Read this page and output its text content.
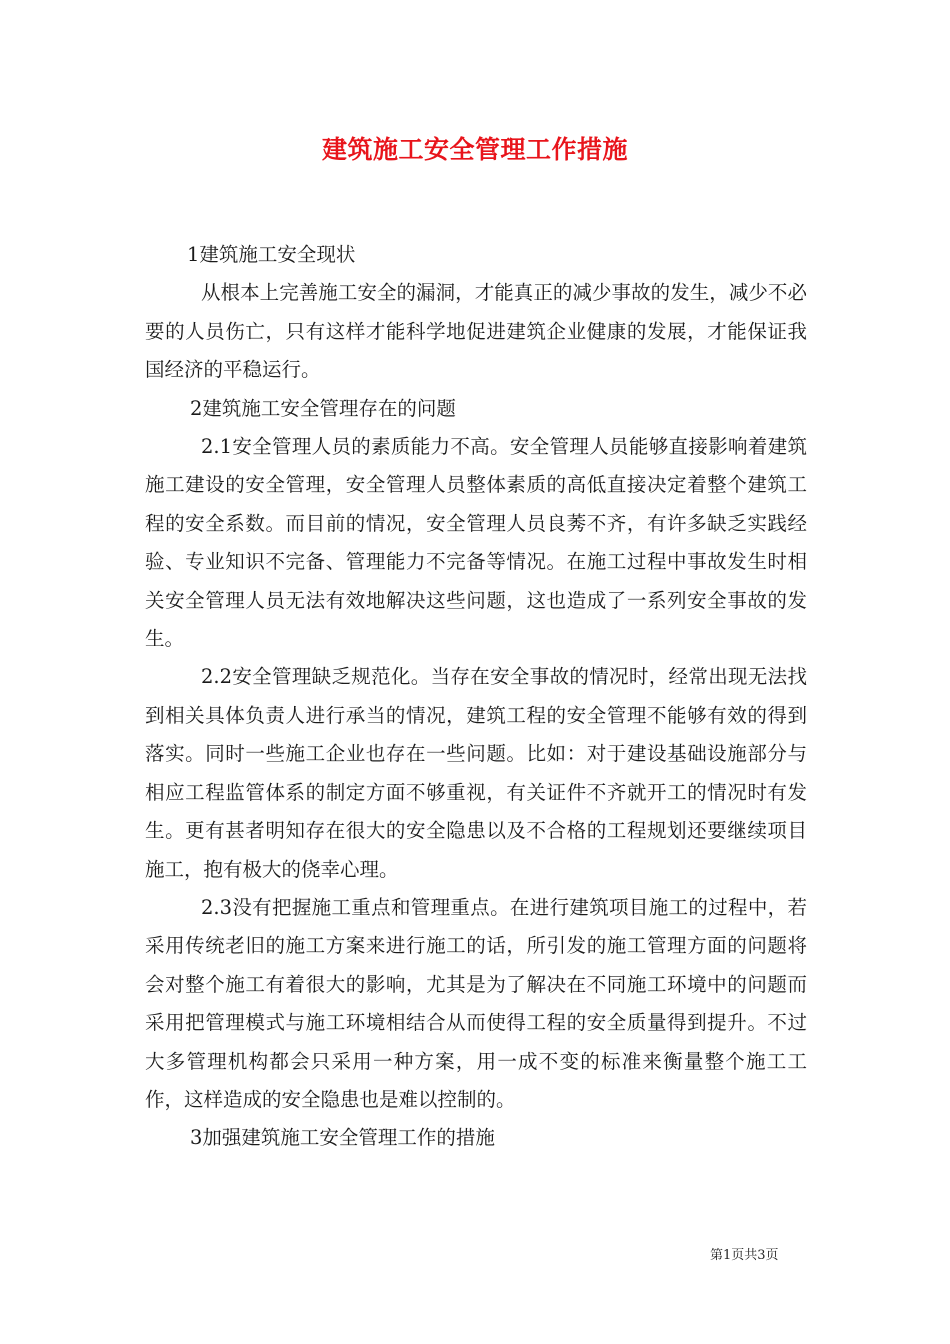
建筑施工安全管理工作措施

1建筑施工安全现状

从根本上完善施工安全的漏洞，才能真正的减少事故的发生，减少不必要的人员伤亡，只有这样才能科学地促进建筑企业健康的发展，才能保证我国经济的平稳运行。

2建筑施工安全管理存在的问题

2.1安全管理人员的素质能力不高。安全管理人员能够直接影响着建筑施工建设的安全管理，安全管理人员整体素质的高低直接决定着整个建筑工程的安全系数。而目前的情况，安全管理人员良莠不齐，有许多缺乏实践经验、专业知识不完备、管理能力不完备等情况。在施工过程中事故发生时相关安全管理人员无法有效地解决这些问题，这也造成了一系列安全事故的发生。

2.2安全管理缺乏规范化。当存在安全事故的情况时，经常出现无法找到相关具体负责人进行承当的情况，建筑工程的安全管理不能够有效的得到落实。同时一些施工企业也存在一些问题。比如：对于建设基础设施部分与相应工程监管体系的制定方面不够重视，有关证件不齐就开工的情况时有发生。更有甚者明知存在很大的安全隐患以及不合格的工程规划还要继续项目施工，抱有极大的侥幸心理。

2.3没有把握施工重点和管理重点。在进行建筑项目施工的过程中，若采用传统老旧的施工方案来进行施工的话，所引发的施工管理方面的问题将会对整个施工有着很大的影响，尤其是为了解决在不同施工环境中的问题而采用把管理模式与施工环境相结合从而使得工程的安全质量得到提升。不过大多管理机构都会只采用一种方案，用一成不变的标准来衡量整个施工工作，这样造成的安全隐患也是难以控制的。

3加强建筑施工安全管理工作的措施

第1页共3页
